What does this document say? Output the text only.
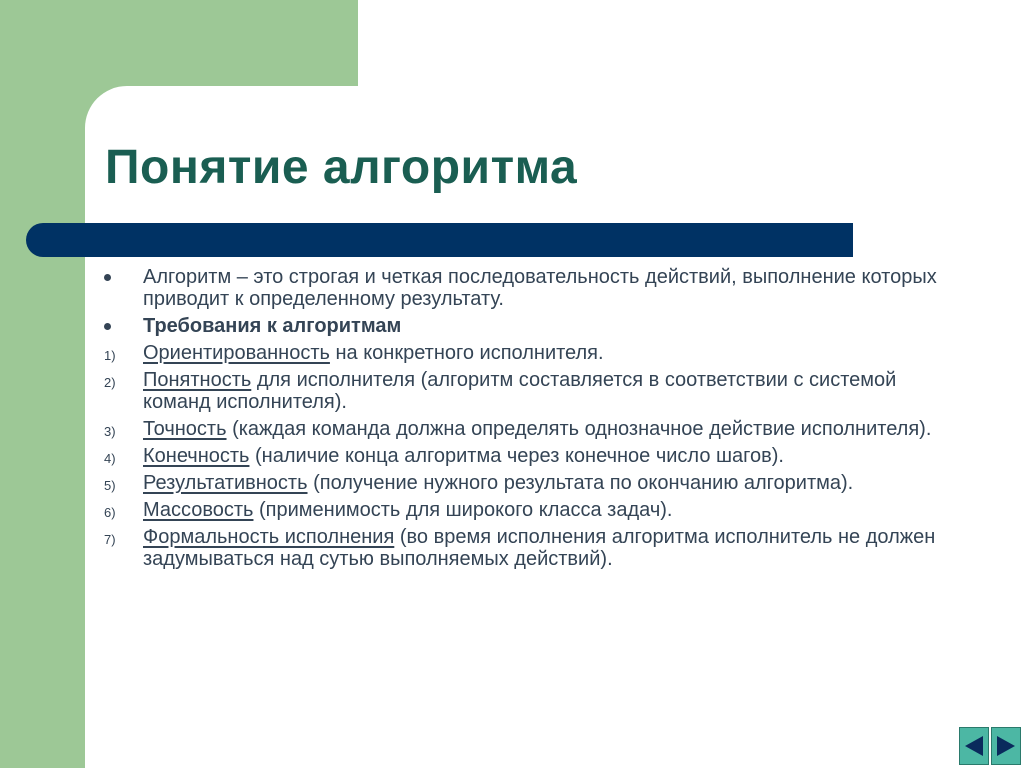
Понятие алгоритма
Алгоритм – это строгая и четкая последовательность действий, выполнение которых приводит к определенному результату.
Требования к алгоритмам
1)	Ориентированность на конкретного исполнителя.
2)	Понятность для исполнителя (алгоритм составляется в соответствии с системой команд исполнителя).
3)	Точность (каждая команда должна определять однозначное действие исполнителя).
4)	Конечность (наличие конца алгоритма через конечное число шагов).
5)	Результативность (получение нужного результата по окончанию алгоритма).
6)	Массовость (применимость для широкого класса задач).
7)	Формальность исполнения (во время исполнения алгоритма исполнитель не должен задумываться над сутью выполняемых действий).
